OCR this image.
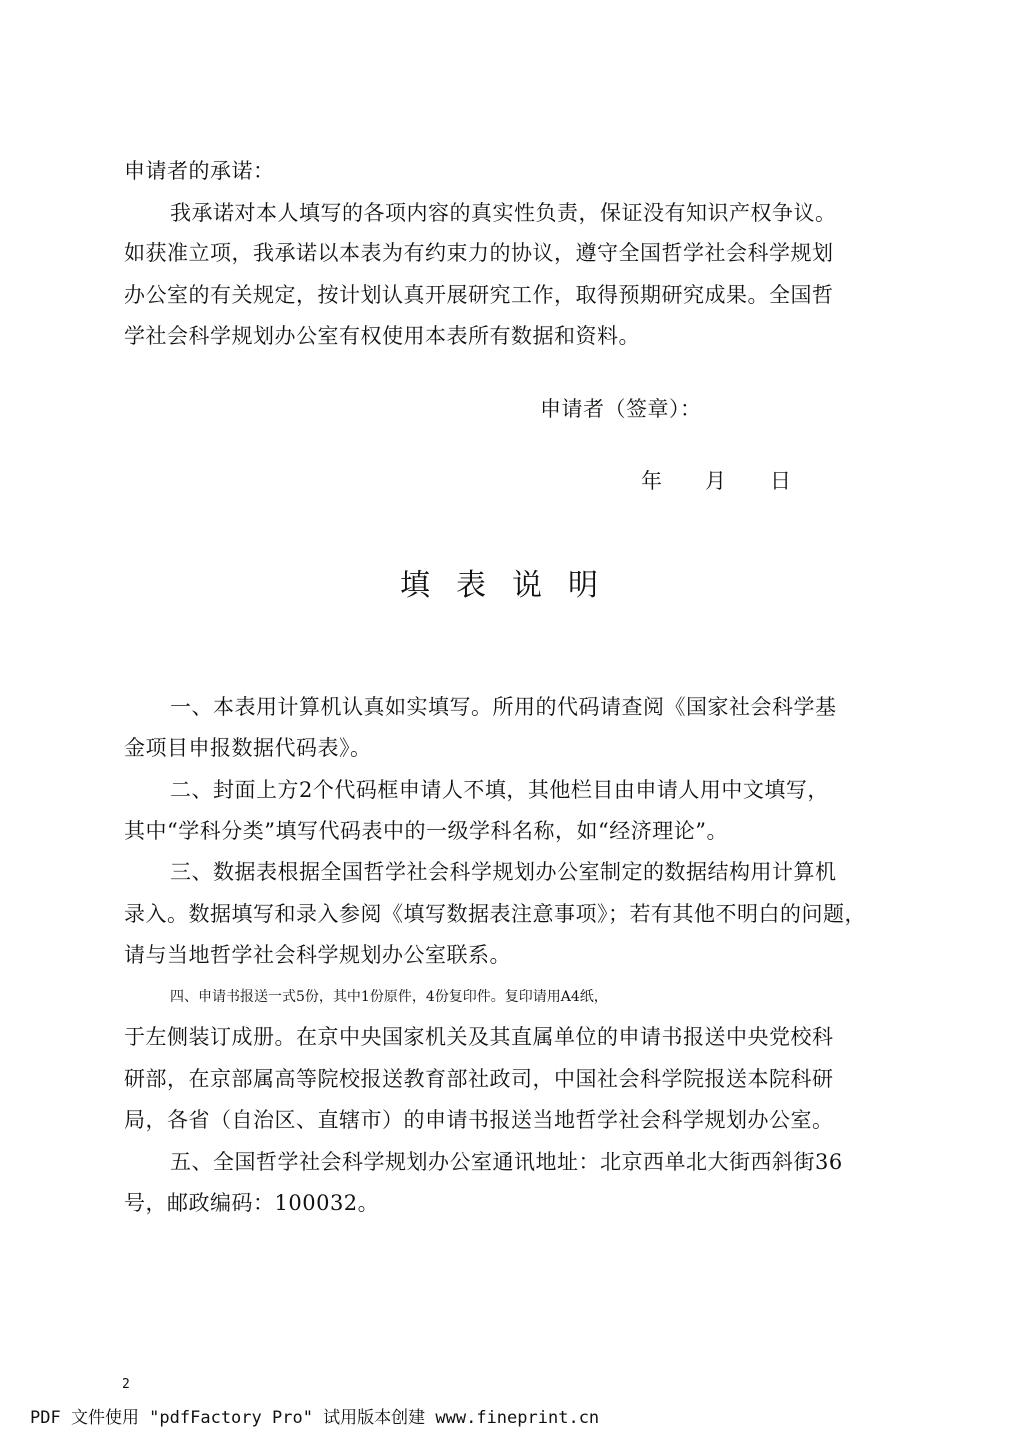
申请者的承诺：
我承诺对本人填写的各项内容的真实性负责，保证没有知识产权争议。
如获准立项，我承诺以本表为有约束力的协议，遵守全国哲学社会科学规划
办公室的有关规定，按计划认真开展研究工作，取得预期研究成果。全国哲
学社会科学规划办公室有权使用本表所有数据和资料。
申请者（签章）：
年 月 日
填表说明
一、本表用计算机认真如实填写。所用的代码请查阅《国家社会科学基
金项目申报数据代码表》。
二、封面上方2个代码框申请人不填，其他栏目由申请人用中文填写，
其中“学科分类”填写代码表中的一级学科名称，如“经济理论”。
三、数据表根据全国哲学社会科学规划办公室制定的数据结构用计算机
录入。数据填写和录入参阅《填写数据表注意事项》；若有其他不明白的问题，
请与当地哲学社会科学规划办公室联系。
四、申请书报送一式5份，其中1份原件，4份复印件。复印请用A4纸，
于左侧装订成册。在京中央国家机关及其直属单位的申请书报送中央党校科
研部，在京部属高等院校报送教育部社政司，中国社会科学院报送本院科研
局，各省（自治区、直辖市）的申请书报送当地哲学社会科学规划办公室。
五、全国哲学社会科学规划办公室通讯地址：北京西单北大街西斜街36
号，邮政编码：100032。
2
PDF 文件使用 "pdfFactory Pro" 试用版本创建 www.fineprint.cn
